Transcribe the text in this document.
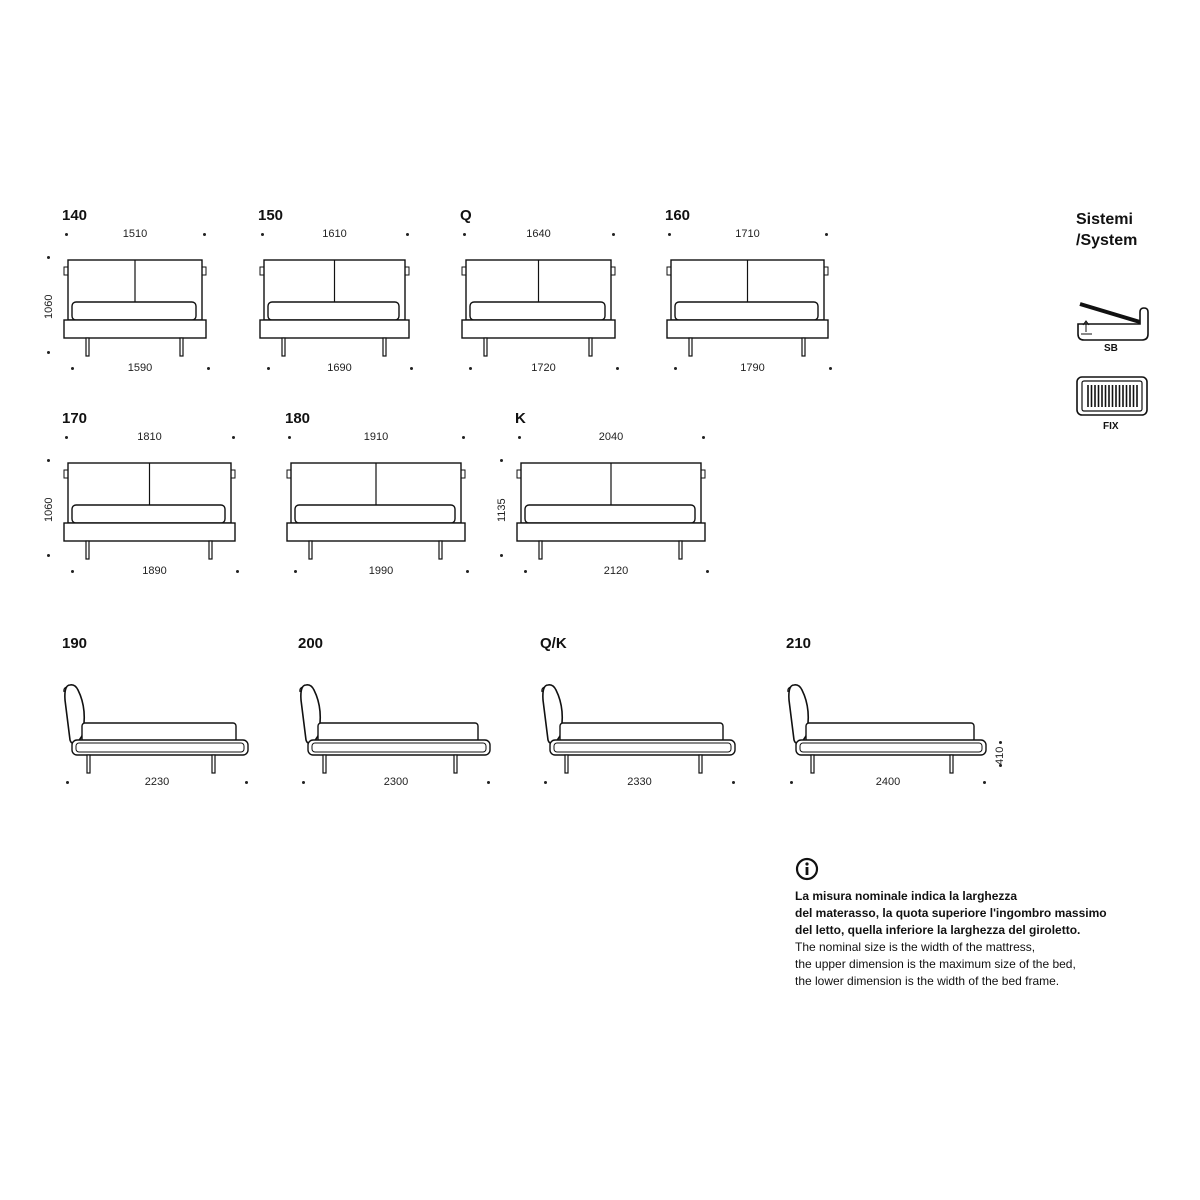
140
1510
1590
1060
150
1610
1690
Q
1640
1720
160
1710
1790
170
1810
1890
1060
180
1910
1990
K
2040
2120
1135
190
2230
200
2300
Q/K
2330
210
2400
410
Sistemi
/System
SB
FIX
La misura nominale indica la larghezza
del materasso, la quota superiore l'ingombro massimo
del letto, quella inferiore la larghezza del giroletto.
The nominal size is the width of the mattress,
the upper dimension is the maximum size of the bed,
the lower dimension is the width of the bed frame.
